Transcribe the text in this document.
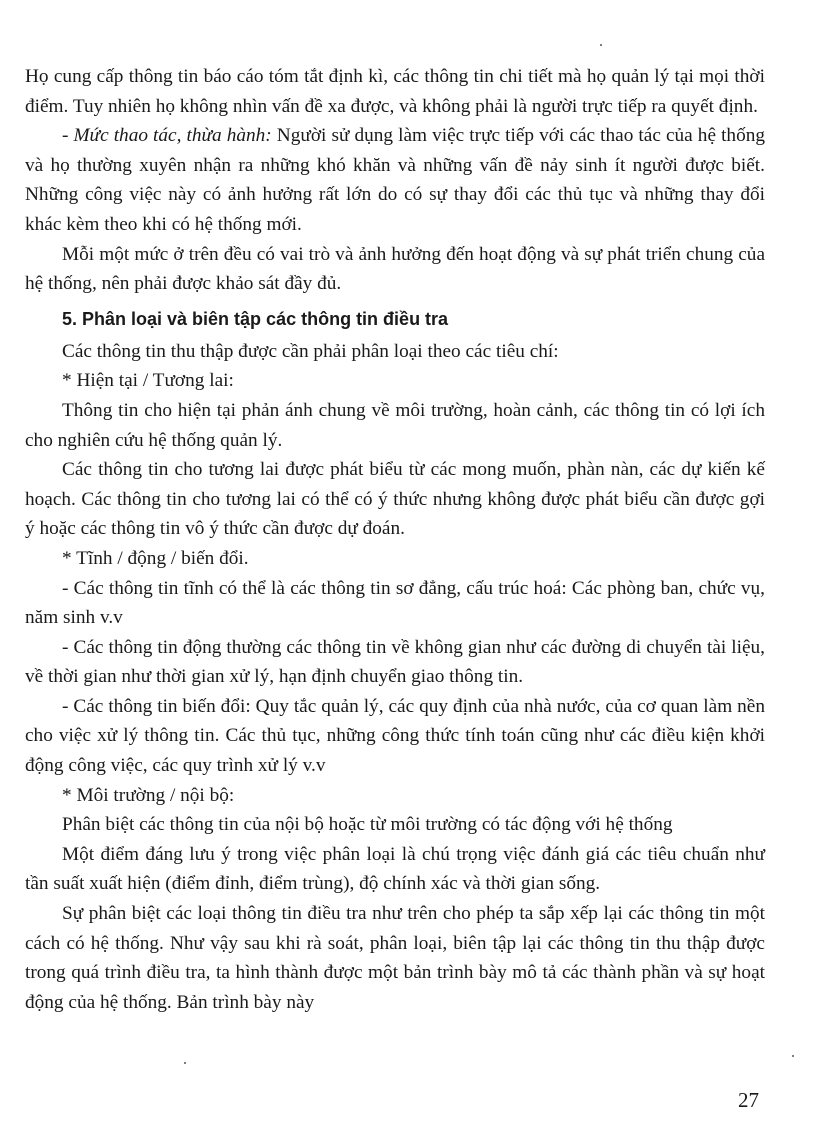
Họ cung cấp thông tin báo cáo tóm tắt định kì, các thông tin chi tiết mà họ quản lý tại mọi thời điểm. Tuy nhiên họ không nhìn vấn đề xa được, và không phải là người trực tiếp ra quyết định.

- Mức thao tác, thừa hành: Người sử dụng làm việc trực tiếp với các thao tác của hệ thống và họ thường xuyên nhận ra những khó khăn và những vấn đề nảy sinh ít người được biết. Những công việc này có ảnh hưởng rất lớn do có sự thay đổi các thủ tục và những thay đổi khác kèm theo khi có hệ thống mới.

Mỗi một mức ở trên đều có vai trò và ảnh hưởng đến hoạt động và sự phát triển chung của hệ thống, nên phải được khảo sát đầy đủ.

5. Phân loại và biên tập các thông tin điều tra

Các thông tin thu thập được cần phải phân loại theo các tiêu chí:

* Hiện tại / Tương lai:

Thông tin cho hiện tại phản ánh chung về môi trường, hoàn cảnh, các thông tin có lợi ích cho nghiên cứu hệ thống quản lý.

Các thông tin cho tương lai được phát biểu từ các mong muốn, phàn nàn, các dự kiến kế hoạch. Các thông tin cho tương lai có thể có ý thức nhưng không được phát biểu cần được gợi ý hoặc các thông tin vô ý thức cần được dự đoán.

* Tĩnh / động / biến đổi.

- Các thông tin tĩnh có thể là các thông tin sơ đẳng, cấu trúc hoá: Các phòng ban, chức vụ, năm sinh v.v

- Các thông tin động thường các thông tin về không gian như các đường di chuyển tài liệu, về thời gian như thời gian xử lý, hạn định chuyển giao thông tin.

- Các thông tin biến đổi: Quy tắc quản lý, các quy định của nhà nước, của cơ quan làm nền cho việc xử lý thông tin. Các thủ tục, những công thức tính toán cũng như các điều kiện khởi động công việc, các quy trình xử lý v.v

* Môi trường / nội bộ:

Phân biệt các thông tin của nội bộ hoặc từ môi trường có tác động với hệ thống

Một điểm đáng lưu ý trong việc phân loại là chú trọng việc đánh giá các tiêu chuẩn như tần suất xuất hiện (điểm đỉnh, điểm trùng), độ chính xác và thời gian sống.

Sự phân biệt các loại thông tin điều tra như trên cho phép ta sắp xếp lại các thông tin một cách có hệ thống. Như vậy sau khi rà soát, phân loại, biên tập lại các thông tin thu thập được trong quá trình điều tra, ta hình thành được một bản trình bày mô tả các thành phần và sự hoạt động của hệ thống. Bản trình bày này

27
